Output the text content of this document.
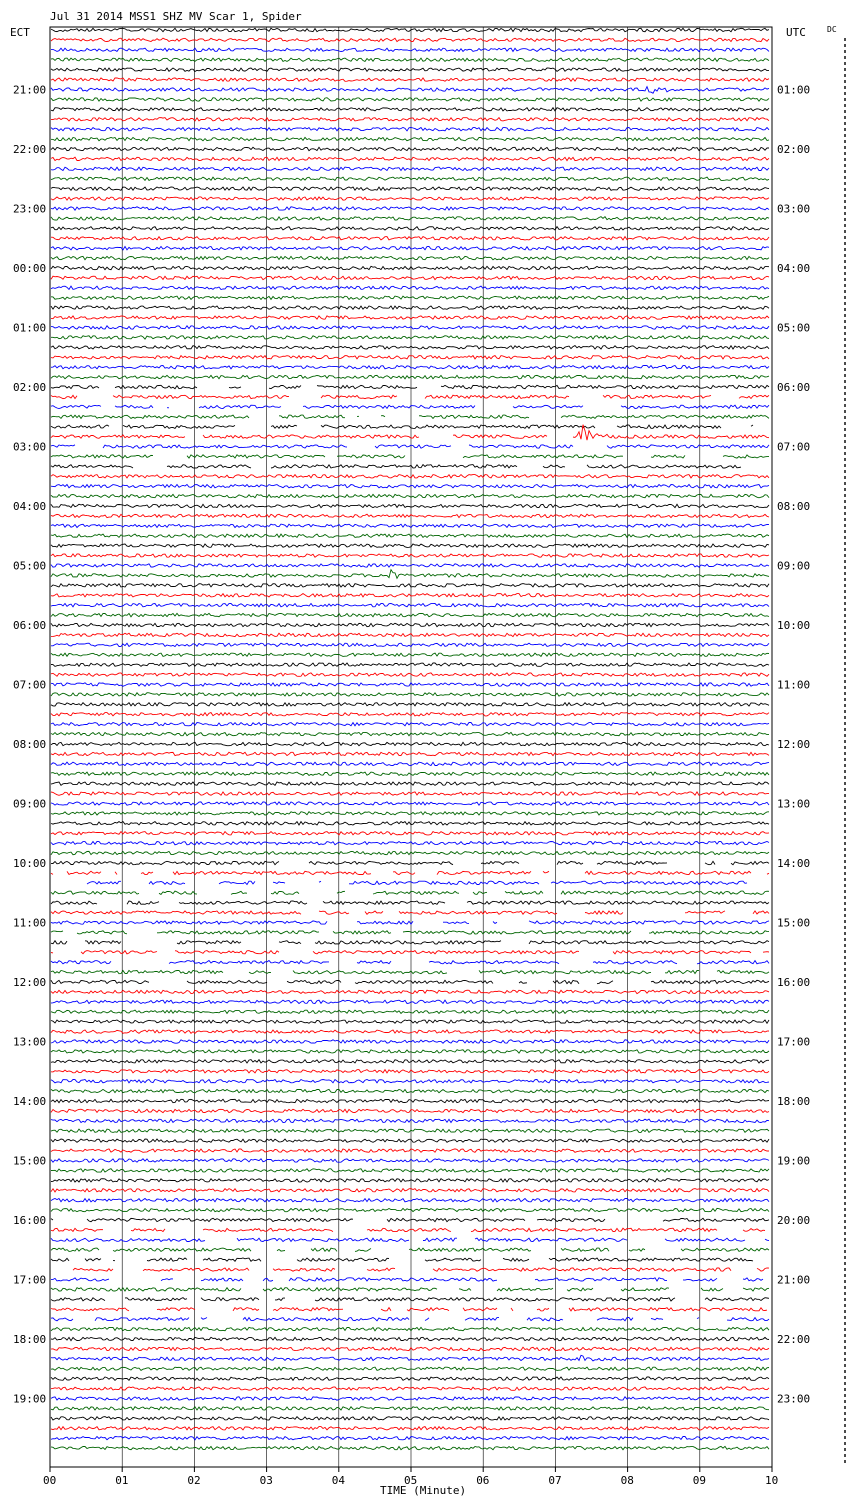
Jul 31 2014 MSS1 SHZ MV Scar 1, Spider
ECT	UTC	DC
TIME (Minute)
21:00
22:00
23:00
00:00
01:00
02:00
03:00
04:00
05:00
06:00
07:00
08:00
09:00
10:00
11:00
12:00
13:00
14:00
15:00
16:00
17:00
18:00
19:00
01:00
02:00
03:00
04:00
05:00
06:00
07:00
08:00
09:00
10:00
11:00
12:00
13:00
14:00
15:00
16:00
17:00
18:00
19:00
20:00
21:00
22:00
23:00
00	01	02	03	04	05	06	07	08	09	10
